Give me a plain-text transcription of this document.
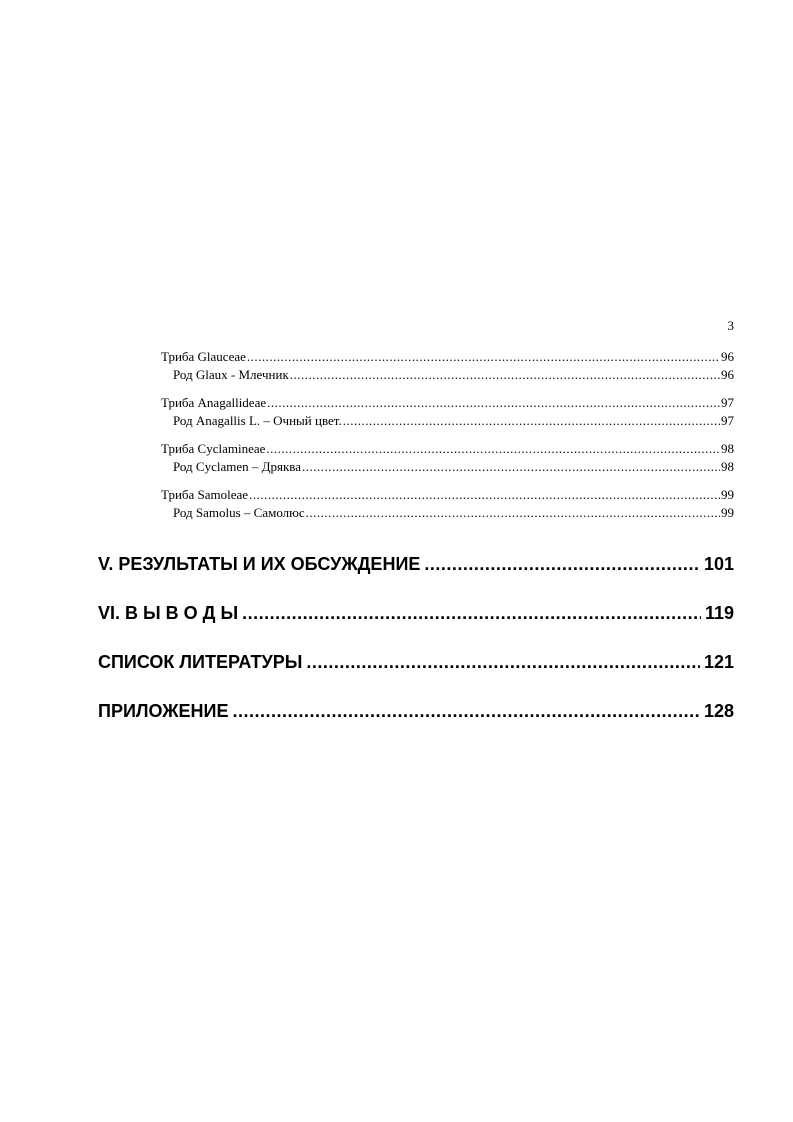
3
Триба Glauceae .....	96
Род Glaux - Млечник .....	96
Триба Anagallideae .....	97
Род Anagallis L. – Очный цвет. .....	97
Триба Cyclamineae .....	98
Род Cyclamen – Дряква .....	98
Триба Samoleae .....	99
Род Samolus – Самолюс .....	99
V. РЕЗУЛЬТАТЫ И ИХ ОБСУЖДЕНИЕ .....	101
VI. В Ы В О Д Ы .....	119
СПИСОК ЛИТЕРАТУРЫ .....	121
ПРИЛОЖЕНИЕ .....	128
